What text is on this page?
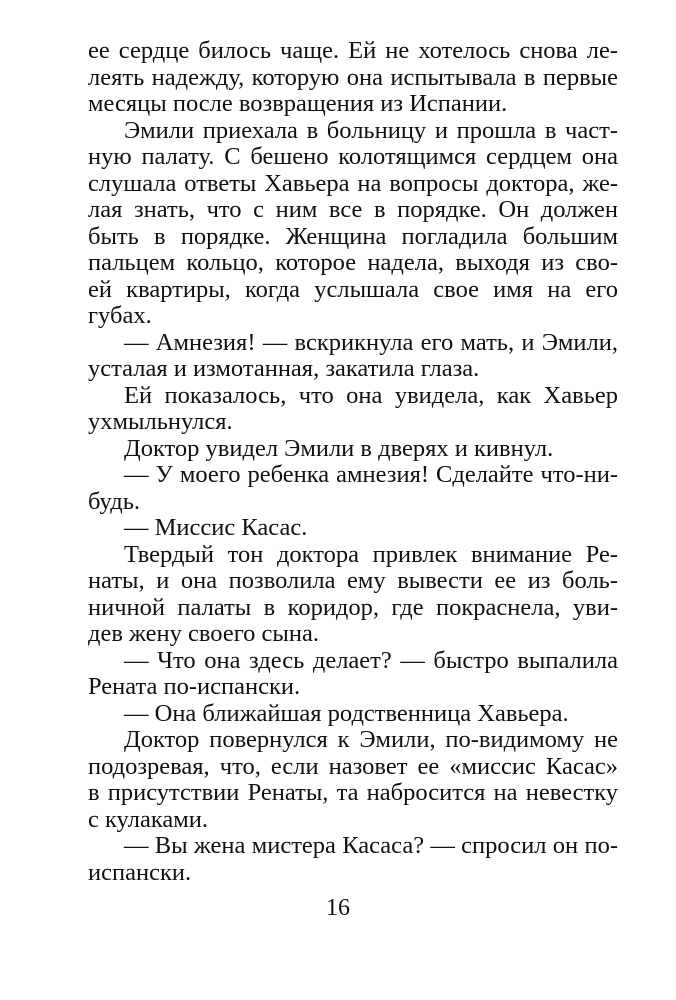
ее сердце билось чаще. Ей не хотелось снова ле-
леять надежду, которую она испытывала в первые
месяцы после возвращения из Испании.
Эмили приехала в больницу и прошла в част-
ную палату. С бешено колотящимся сердцем она
слушала ответы Хавьера на вопросы доктора, же-
лая знать, что с ним все в порядке. Он должен
быть в порядке. Женщина погладила большим
пальцем кольцо, которое надела, выходя из сво-
ей квартиры, когда услышала свое имя на его
губах.
— Амнезия! — вскрикнула его мать, и Эмили,
усталая и измотанная, закатила глаза.
Ей показалось, что она увидела, как Хавьер
ухмыльнулся.
Доктор увидел Эмили в дверях и кивнул.
— У моего ребенка амнезия! Сделайте что-ни-
будь.
— Миссис Касас.
Твердый тон доктора привлек внимание Ре-
наты, и она позволила ему вывести ее из боль-
ничной палаты в коридор, где покраснела, уви-
дев жену своего сына.
— Что она здесь делает? — быстро выпалила
Рената по-испански.
— Она ближайшая родственница Хавьера.
Доктор повернулся к Эмили, по-видимому не
подозревая, что, если назовет ее «миссис Касас»
в присутствии Ренаты, та набросится на невестку
с кулаками.
— Вы жена мистера Касаса? — спросил он по-
испански.
16
